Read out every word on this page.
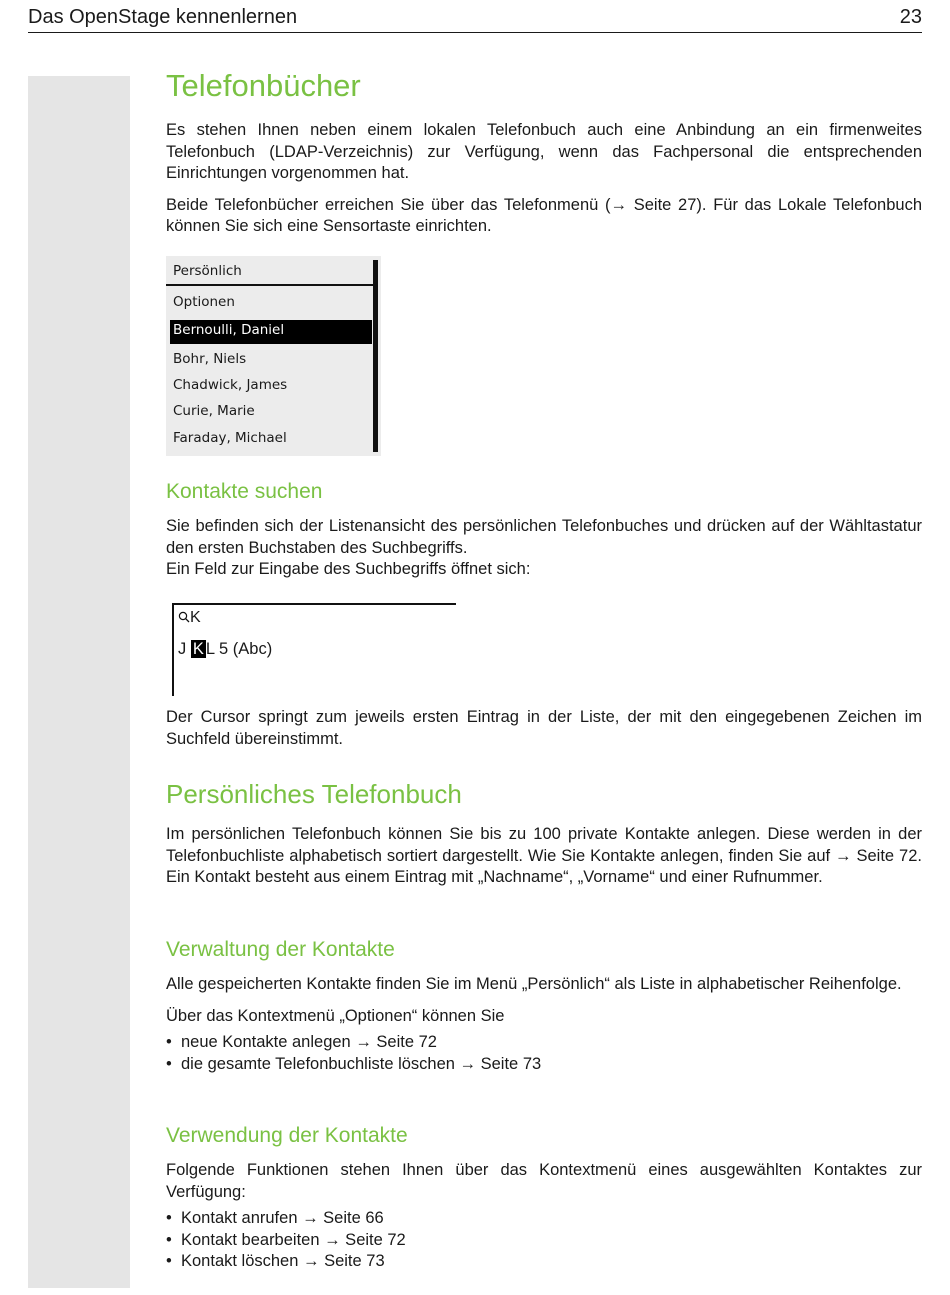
Das OpenStage kennenlernen	23
Telefonbücher

Es stehen Ihnen neben einem lokalen Telefonbuch auch eine Anbindung an ein firmenweites Telefonbuch (LDAP-Verzeichnis) zur Verfügung, wenn das Fachpersonal die entsprechenden Einrichtungen vorgenommen hat.

Beide Telefonbücher erreichen Sie über das Telefonmenü (→ Seite 27). Für das Lokale Telefonbuch können Sie sich eine Sensortaste einrichten.

Persönlich
Optionen
Bernoulli, Daniel
Bohr, Niels
Chadwick, James
Curie, Marie
Faraday, Michael
Kontakte suchen

Sie befinden sich der Listenansicht des persönlichen Telefonbuches und drücken auf der Wähltastatur den ersten Buchstaben des Suchbegriffs.

Ein Feld zur Eingabe des Suchbegriffs öffnet sich:

K
J K L 5 (Abc)

Der Cursor springt zum jeweils ersten Eintrag in der Liste, der mit den eingegebenen Zeichen im Suchfeld übereinstimmt.

Persönliches Telefonbuch

Im persönlichen Telefonbuch können Sie bis zu 100 private Kontakte anlegen. Diese werden in der Telefonbuchliste alphabetisch sortiert dargestellt. Wie Sie Kontakte anlegen, finden Sie auf → Seite 72. Ein Kontakt besteht aus einem Eintrag mit „Nachname“, „Vorname“ und einer Rufnummer.

Verwaltung der Kontakte

Alle gespeicherten Kontakte finden Sie im Menü „Persönlich“ als Liste in alphabetischer Reihenfolge.

Über das Kontextmenü „Optionen“ können Sie

• neue Kontakte anlegen → Seite 72
• die gesamte Telefonbuchliste löschen → Seite 73
Verwendung der Kontakte

Folgende Funktionen stehen Ihnen über das Kontextmenü eines ausgewählten Kontaktes zur Verfügung:

• Kontakt anrufen → Seite 66
• Kontakt bearbeiten → Seite 72
• Kontakt löschen → Seite 73
